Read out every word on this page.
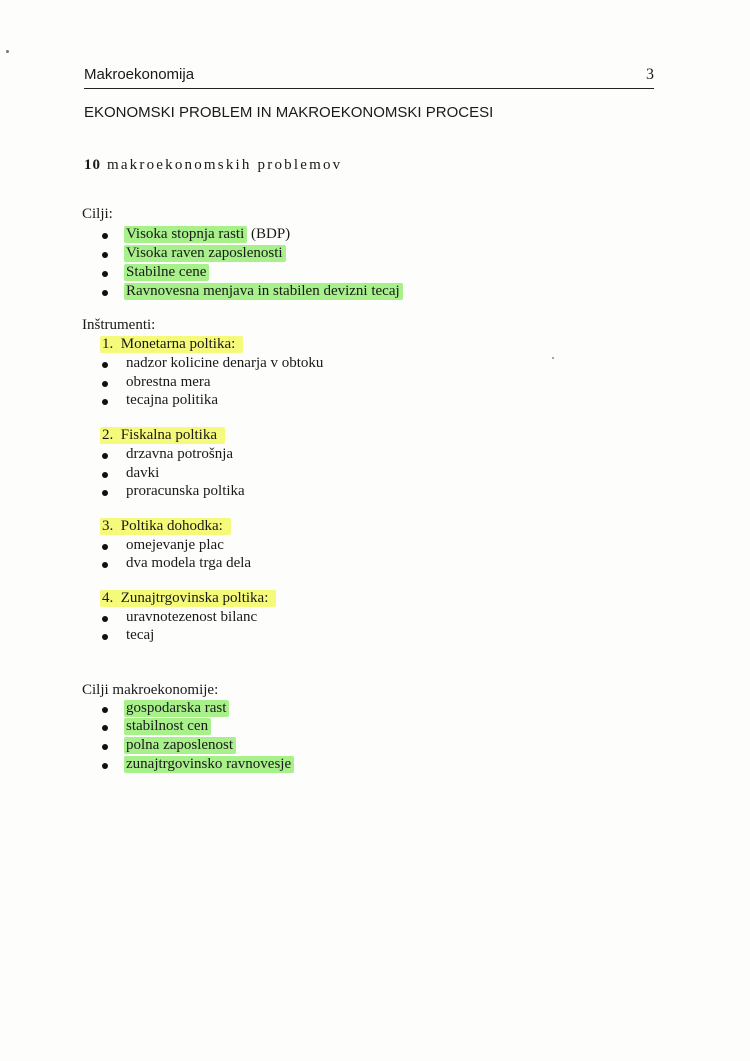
Makroekonomija	3
EKONOMSKI PROBLEM IN MAKROEKONOMSKI PROCESI
10 makroekonomskih problemov
Cilji:
Visoka stopnja rasti (BDP)
Visoka raven zaposlenosti
Stabilne cene
Ravnovesna menjava in stabilen devizni tecaj
Inštrumenti:
1.  Monetarna poltika:
nadzor kolicine denarja v obtoku
obrestna mera
tecajna politika
2.  Fiskalna poltika
drzavna potrošnja
davki
proracunska poltika
3.  Poltika dohodka:
omejevanje plac
dva modela trga dela
4.  Zunajtrgovinska poltika:
uravnotezenost bilanc
tecaj
Cilji makroekonomije:
gospodarska rast
stabilnost cen
polna zaposlenost
zunajtrgovinsko ravnovesje
